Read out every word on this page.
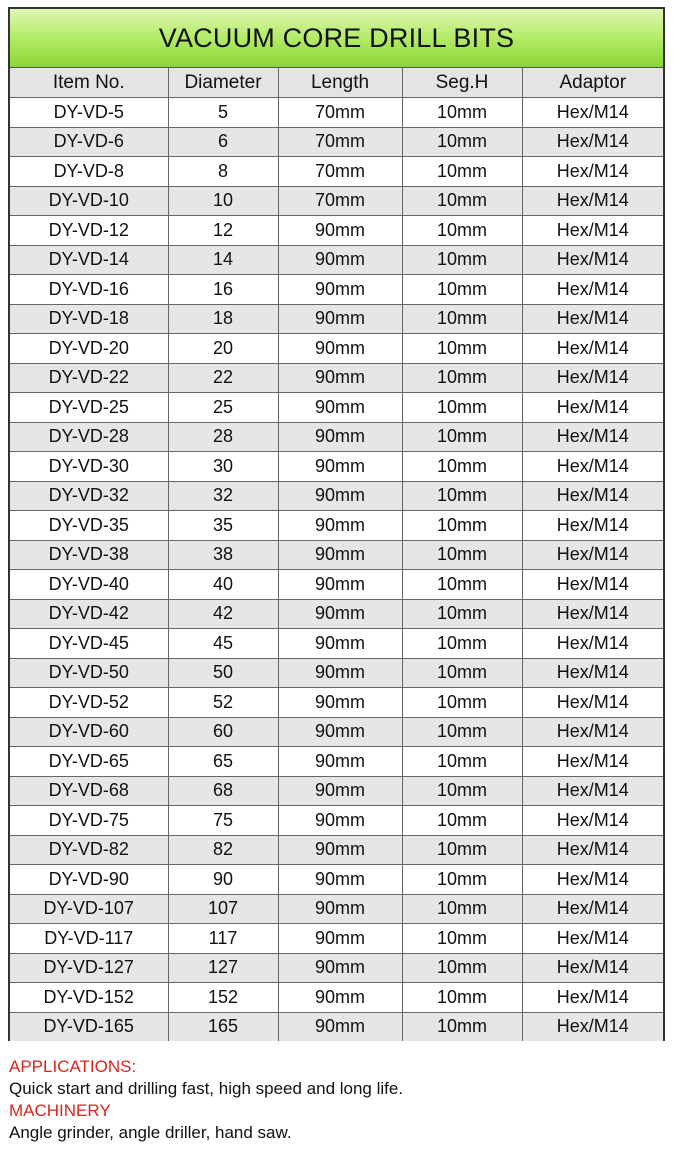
VACUUM CORE DRILL BITS
Item No.	Diameter	Length	Seg.H	Adaptor
DY-VD-5	5	70mm	10mm	Hex/M14
DY-VD-6	6	70mm	10mm	Hex/M14
DY-VD-8	8	70mm	10mm	Hex/M14
DY-VD-10	10	70mm	10mm	Hex/M14
DY-VD-12	12	90mm	10mm	Hex/M14
DY-VD-14	14	90mm	10mm	Hex/M14
DY-VD-16	16	90mm	10mm	Hex/M14
DY-VD-18	18	90mm	10mm	Hex/M14
DY-VD-20	20	90mm	10mm	Hex/M14
DY-VD-22	22	90mm	10mm	Hex/M14
DY-VD-25	25	90mm	10mm	Hex/M14
DY-VD-28	28	90mm	10mm	Hex/M14
DY-VD-30	30	90mm	10mm	Hex/M14
DY-VD-32	32	90mm	10mm	Hex/M14
DY-VD-35	35	90mm	10mm	Hex/M14
DY-VD-38	38	90mm	10mm	Hex/M14
DY-VD-40	40	90mm	10mm	Hex/M14
DY-VD-42	42	90mm	10mm	Hex/M14
DY-VD-45	45	90mm	10mm	Hex/M14
DY-VD-50	50	90mm	10mm	Hex/M14
DY-VD-52	52	90mm	10mm	Hex/M14
DY-VD-60	60	90mm	10mm	Hex/M14
DY-VD-65	65	90mm	10mm	Hex/M14
DY-VD-68	68	90mm	10mm	Hex/M14
DY-VD-75	75	90mm	10mm	Hex/M14
DY-VD-82	82	90mm	10mm	Hex/M14
DY-VD-90	90	90mm	10mm	Hex/M14
DY-VD-107	107	90mm	10mm	Hex/M14
DY-VD-117	117	90mm	10mm	Hex/M14
DY-VD-127	127	90mm	10mm	Hex/M14
DY-VD-152	152	90mm	10mm	Hex/M14
DY-VD-165	165	90mm	10mm	Hex/M14
APPLICATIONS:
Quick start and drilling fast, high speed and long life.
MACHINERY
Angle grinder, angle driller, hand saw.
